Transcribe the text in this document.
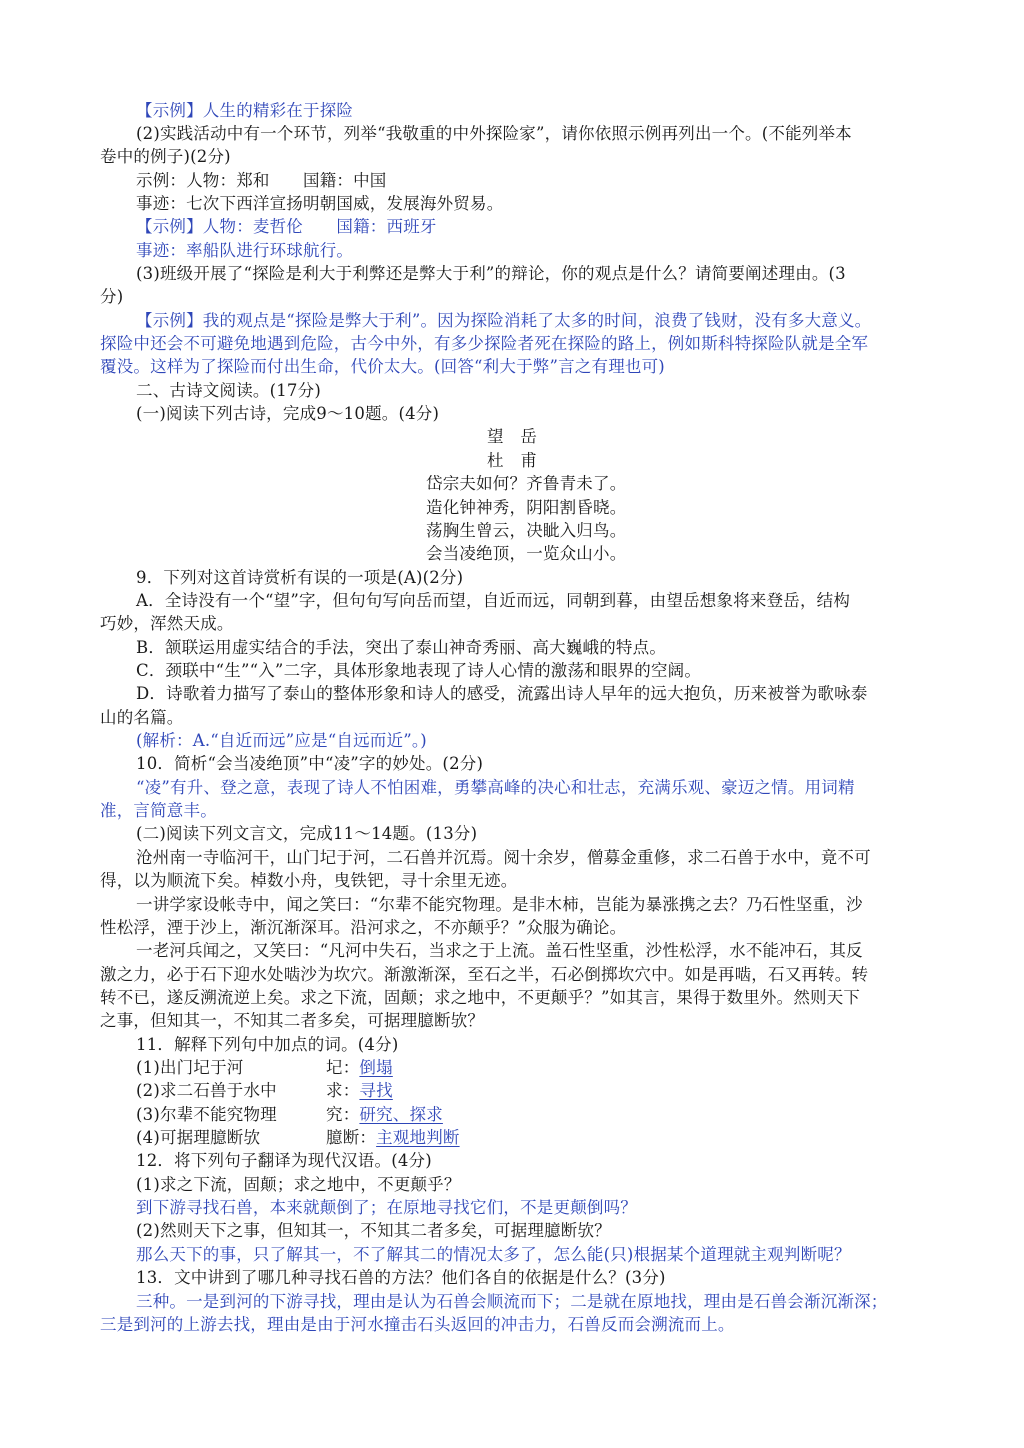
【示例】人生的精彩在于探险
(2)实践活动中有一个环节，列举“我敬重的中外探险家”，请你依照示例再列出一个。(不能列举本
卷中的例子)(2分)
示例：人物：郑和　　国籍：中国
事迹：七次下西洋宣扬明朝国威，发展海外贸易。
【示例】人物：麦哲伦　　国籍：西班牙
事迹：率船队进行环球航行。
(3)班级开展了“探险是利大于利弊还是弊大于利”的辩论，你的观点是什么？请简要阐述理由。(3
分)
【示例】我的观点是“探险是弊大于利”。因为探险消耗了太多的时间，浪费了钱财，没有多大意义。
探险中还会不可避免地遇到危险，古今中外，有多少探险者死在探险的路上，例如斯科特探险队就是全军
覆没。这样为了探险而付出生命，代价太大。(回答“利大于弊”言之有理也可)
二、古诗文阅读。(17分)
(一)阅读下列古诗，完成9～10题。(4分)
望　岳
杜　甫
岱宗夫如何？齐鲁青未了。
造化钟神秀，阴阳割昏晓。
荡胸生曾云，决眦入归鸟。
会当凌绝顶，一览众山小。
9．下列对这首诗赏析有误的一项是(A)(2分)
A．全诗没有一个“望”字，但句句写向岳而望，自近而远，同朝到暮，由望岳想象将来登岳，结构
巧妙，浑然天成。
B．颔联运用虚实结合的手法，突出了泰山神奇秀丽、高大巍峨的特点。
C．颈联中“生”“入”二字，具体形象地表现了诗人心情的激荡和眼界的空阔。
D．诗歌着力描写了泰山的整体形象和诗人的感受，流露出诗人早年的远大抱负，历来被誉为歌咏泰
山的名篇。
(解析：A.“自近而远”应是“自远而近”。)
10．简析“会当凌绝顶”中“凌”字的妙处。(2分)
“凌”有升、登之意，表现了诗人不怕困难，勇攀高峰的决心和壮志，充满乐观、豪迈之情。用词精
准，言简意丰。
(二)阅读下列文言文，完成11～14题。(13分)
沧州南一寺临河干，山门圮于河，二石兽并沉焉。阅十余岁，僧募金重修，求二石兽于水中，竟不可
得，以为顺流下矣。棹数小舟，曳铁钯，寻十余里无迹。
一讲学家设帐寺中，闻之笑曰：“尔辈不能究物理。是非木柿，岂能为暴涨携之去？乃石性坚重，沙
性松浮，湮于沙上，渐沉渐深耳。沿河求之，不亦颠乎？”众服为确论。
一老河兵闻之，又笑曰：“凡河中失石，当求之于上流。盖石性坚重，沙性松浮，水不能冲石，其反
激之力，必于石下迎水处啮沙为坎穴。渐激渐深，至石之半，石必倒掷坎穴中。如是再啮，石又再转。转
转不已，遂反溯流逆上矣。求之下流，固颠；求之地中，不更颠乎？”如其言，果得于数里外。然则天下
之事，但知其一，不知其二者多矣，可据理臆断欤？
11．解释下列句中加点的词。(4分)
(1)出门圮于河	圮：倒塌
(2)求二石兽于水中	求：寻找
(3)尔辈不能究物理	究：研究、探求
(4)可据理臆断欤	臆断：主观地判断
12．将下列句子翻译为现代汉语。(4分)
(1)求之下流，固颠；求之地中，不更颠乎？
到下游寻找石兽，本来就颠倒了；在原地寻找它们，不是更颠倒吗？
(2)然则天下之事，但知其一，不知其二者多矣，可据理臆断欤？
那么天下的事，只了解其一，不了解其二的情况太多了，怎么能(只)根据某个道理就主观判断呢？
13．文中讲到了哪几种寻找石兽的方法？他们各自的依据是什么？(3分)
三种。一是到河的下游寻找，理由是认为石兽会顺流而下；二是就在原地找，理由是石兽会渐沉渐深；
三是到河的上游去找，理由是由于河水撞击石头返回的冲击力，石兽反而会溯流而上。
